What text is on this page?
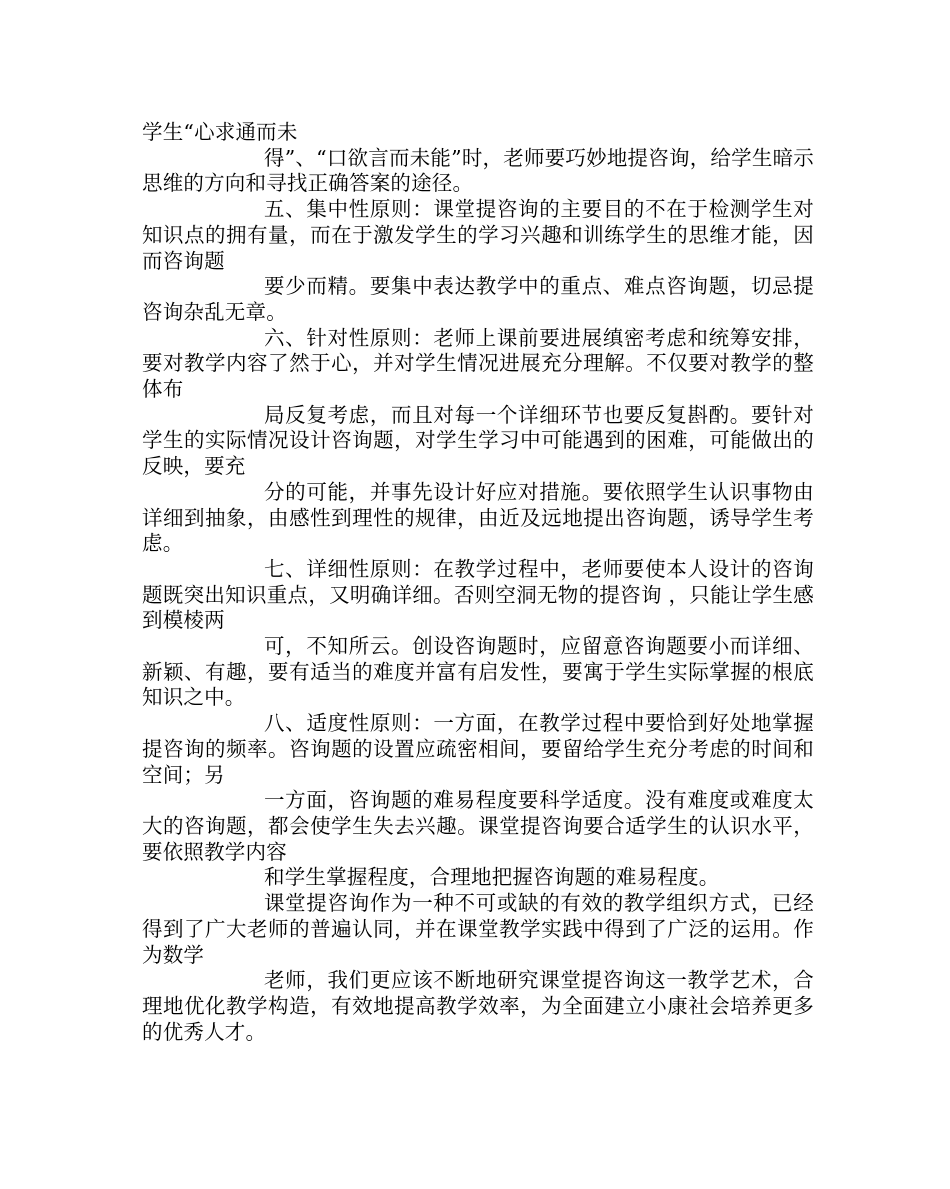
学生“心求通而未

得”、“口欲言而未能”时，老师要巧妙地提咨询，给学生暗示思维的方向和寻找正确答案的途径。

五、集中性原则：课堂提咨询的主要目的不在于检测学生对知识点的拥有量，而在于激发学生的学习兴趣和训练学生的思维才能，因而咨询题

要少而精。要集中表达教学中的重点、难点咨询题，切忌提咨询杂乱无章。

六、针对性原则：老师上课前要进展缜密考虑和统筹安排，要对教学内容了然于心，并对学生情况进展充分理解。不仅要对教学的整体布

局反复考虑，而且对每一个详细环节也要反复斟酌。要针对学生的实际情况设计咨询题，对学生学习中可能遇到的困难，可能做出的反映，要充

分的可能，并事先设计好应对措施。要依照学生认识事物由详细到抽象，由感性到理性的规律，由近及远地提出咨询题，诱导学生考虑。

七、详细性原则：在教学过程中，老师要使本人设计的咨询题既突出知识重点，又明确详细。否则空洞无物的提咨询 ，只能让学生感到模棱两

可，不知所云。创设咨询题时，应留意咨询题要小而详细、新颖、有趣，要有适当的难度并富有启发性，要寓于学生实际掌握的根底知识之中。

八、适度性原则：一方面，在教学过程中要恰到好处地掌握提咨询的频率。咨询题的设置应疏密相间，要留给学生充分考虑的时间和空间；另

一方面，咨询题的难易程度要科学适度。没有难度或难度太大的咨询题，都会使学生失去兴趣。课堂提咨询要合适学生的认识水平，要依照教学内容

和学生掌握程度，合理地把握咨询题的难易程度。

课堂提咨询作为一种不可或缺的有效的教学组织方式，已经得到了广大老师的普遍认同，并在课堂教学实践中得到了广泛的运用。作为数学

老师，我们更应该不断地研究课堂提咨询这一教学艺术，合理地优化教学构造，有效地提高教学效率，为全面建立小康社会培养更多的优秀人才。
